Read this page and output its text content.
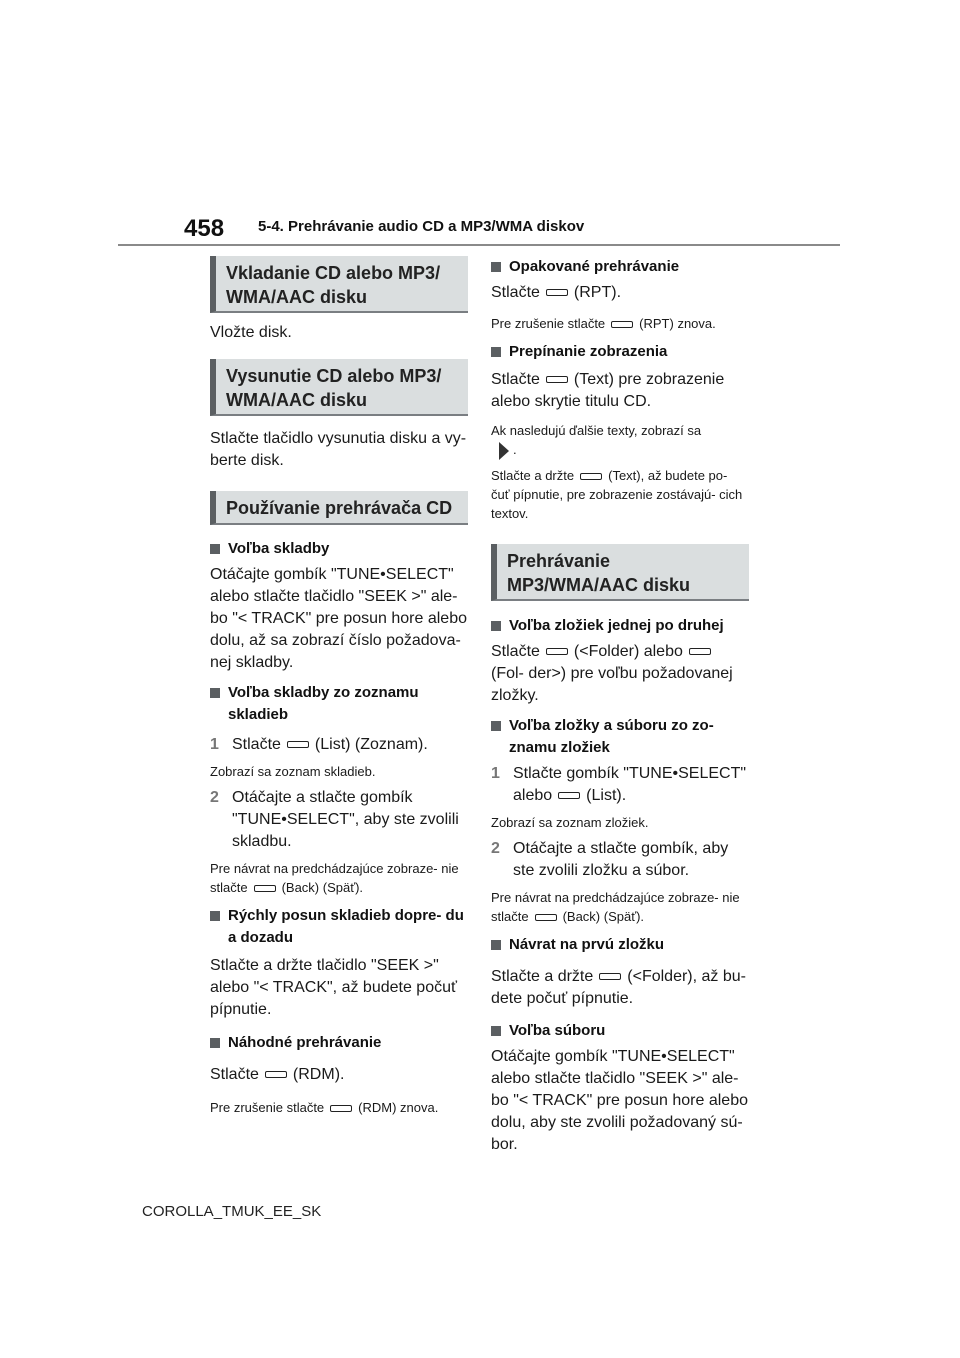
458 5-4. Prehrávanie audio CD a MP3/WMA diskov
Vkladanie CD alebo MP3/ WMA/AAC disku

Vložte disk.

Vysunutie CD alebo MP3/ WMA/AAC disku

Stlačte tlačidlo vysunutia disku a vy- berte disk.

Používanie prehrávača CD

Voľba skladby

Otáčajte gombík "TUNE•SELECT" alebo stlačte tlačidlo "SEEK >" ale- bo "< TRACK" pre posun hore alebo dolu, až sa zobrazí číslo požadova- nej skladby.

Voľba skladby zo zoznamu skladieb

1 Stlačte (List) (Zoznam).

Zobrazí sa zoznam skladieb.

2 Otáčajte a stlačte gombík "TUNE•SELECT", aby ste zvolili skladbu.

Pre návrat na predchádzajúce zobraze- nie stlačte	(Back) (Späť).

Rýchly posun skladieb dopre- du a dozadu

Stlačte a držte tlačidlo "SEEK >" alebo "< TRACK", až budete počuť pípnutie.

Náhodné prehrávanie

Stlačte (RDM).

Pre zrušenie stlačte	(RDM) znova.

Opakované prehrávanie

Stlačte (RPT).

Pre zrušenie stlačte	(RPT) znova.

Prepínanie zobrazenia

Stlačte (Text) pre zobrazenie alebo skrytie titulu CD.

Ak nasledujú ďalšie texty, zobrazí sa
.

Stlačte a držte	(Text), až budete po- čuť pípnutie, pre zobrazenie zostávajú- cich textov.

Prehrávanie MP3/WMA/AAC disku

Voľba zložiek jednej po druhej

Stlačte (<Folder) alebo(Fol- der>) pre voľbu požadovanej zložky.

Voľba zložky a súboru zo zo- znamu zložiek

1 Stlačte gombík "TUNE•SELECT"
alebo (List).

Zobrazí sa zoznam zložiek.

2 Otáčajte a stlačte gombík, aby ste zvolili zložku a súbor.

Pre návrat na predchádzajúce zobraze- nie stlačte	(Back) (Späť).

Návrat na prvú zložku

Stlačte a držte (<Folder), až bu- dete počuť pípnutie.

Voľba súboru

Otáčajte gombík "TUNE•SELECT" alebo stlačte tlačidlo "SEEK >" ale- bo "< TRACK" pre posun hore alebo dolu, aby ste zvolili požadovaný sú- bor.

COROLLA_TMUK_EE_SK
